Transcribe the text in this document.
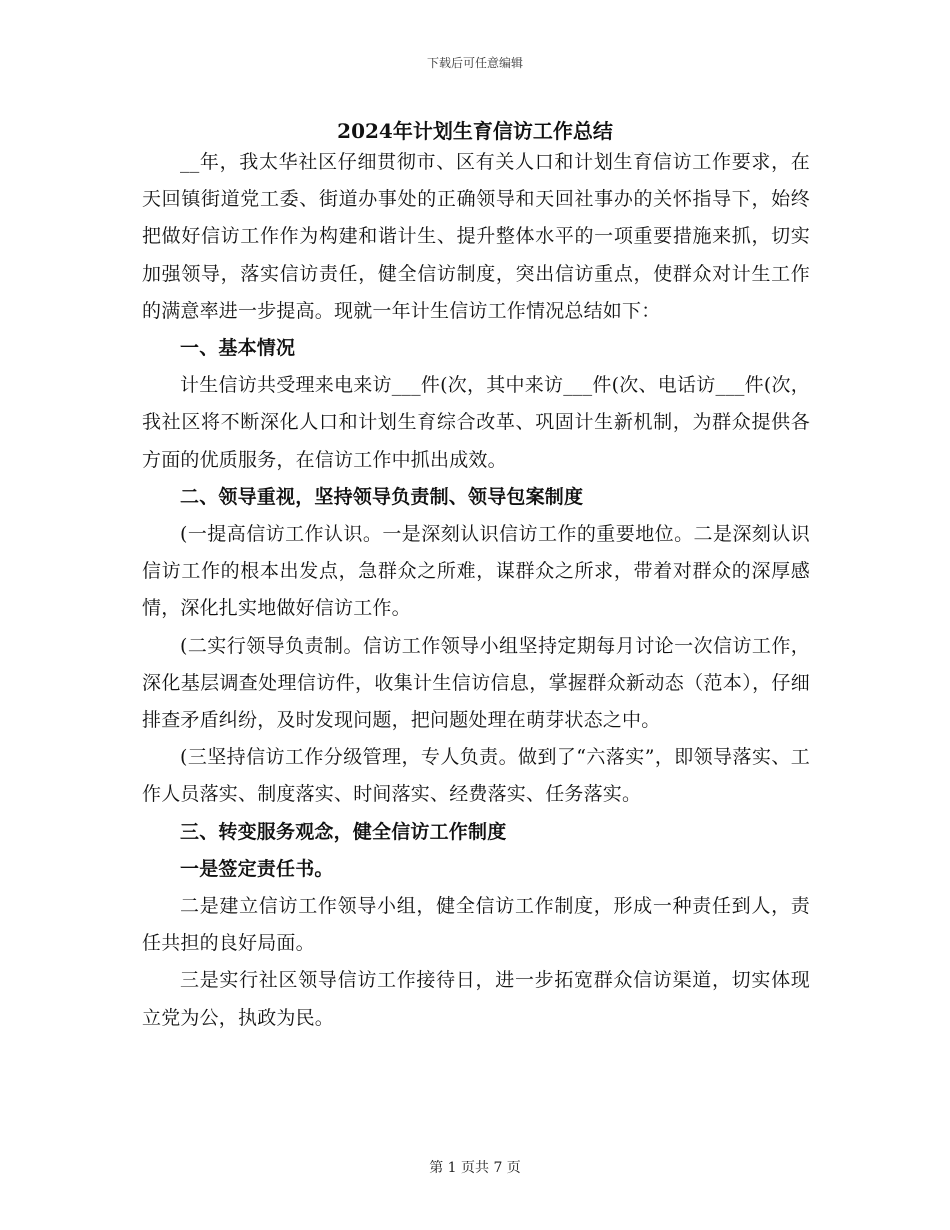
下载后可任意编辑
2024年计划生育信访工作总结

__年，我太华社区仔细贯彻市、区有关人口和计划生育信访工作要求，在天回镇街道党工委、街道办事处的正确领导和天回社事办的关怀指导下，始终把做好信访工作作为构建和谐计生、提升整体水平的一项重要措施来抓，切实加强领导，落实信访责任，健全信访制度，突出信访重点，使群众对计生工作的满意率进一步提高。现就一年计生信访工作情况总结如下：

一、基本情况

计生信访共受理来电来访___件(次，其中来访___件(次、电话访___件(次，我社区将不断深化人口和计划生育综合改革、巩固计生新机制，为群众提供各方面的优质服务，在信访工作中抓出成效。

二、领导重视，坚持领导负责制、领导包案制度

(一提高信访工作认识。一是深刻认识信访工作的重要地位。二是深刻认识信访工作的根本出发点，急群众之所难，谋群众之所求，带着对群众的深厚感情，深化扎实地做好信访工作。

(二实行领导负责制。信访工作领导小组坚持定期每月讨论一次信访工作，深化基层调查处理信访件，收集计生信访信息，掌握群众新动态（范本），仔细排查矛盾纠纷，及时发现问题，把问题处理在萌芽状态之中。

(三坚持信访工作分级管理，专人负责。做到了“六落实”，即领导落实、工作人员落实、制度落实、时间落实、经费落实、任务落实。

三、转变服务观念，健全信访工作制度

一是签定责任书。

二是建立信访工作领导小组，健全信访工作制度，形成一种责任到人，责任共担的良好局面。

三是实行社区领导信访工作接待日，进一步拓宽群众信访渠道，切实体现立党为公，执政为民。

第 1 页共 7 页
